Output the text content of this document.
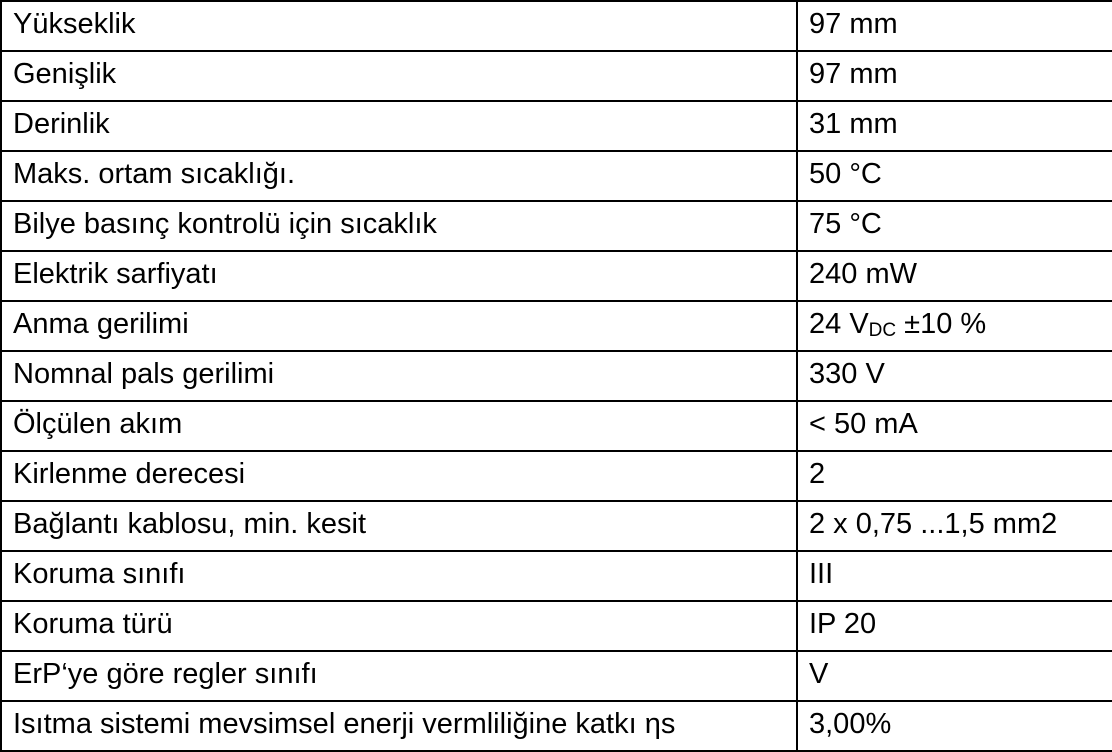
Yükseklik	97 mm
Genişlik	97 mm
Derinlik	31 mm
Maks. ortam sıcaklığı.	50 °C
Bilye basınç kontrolü için sıcaklık	75 °C
Elektrik sarfiyatı	240 mW
Anma gerilimi	24 $V_{DC} \pm 10$ %
Nomnal pals gerilimi	330 V
Ölçülen akım	< 50 mA
Kirlenme derecesi	2
Bağlantı kablosu, min. kesit	2 x 0,75 ...1,5 mm2
Koruma sınıfı	III
Koruma türü	IP 20
ErP‘ye göre regler sınıfı	V
Isıtma sistemi mevsimsel enerji vermliliğine katkı ηs	3,00%
